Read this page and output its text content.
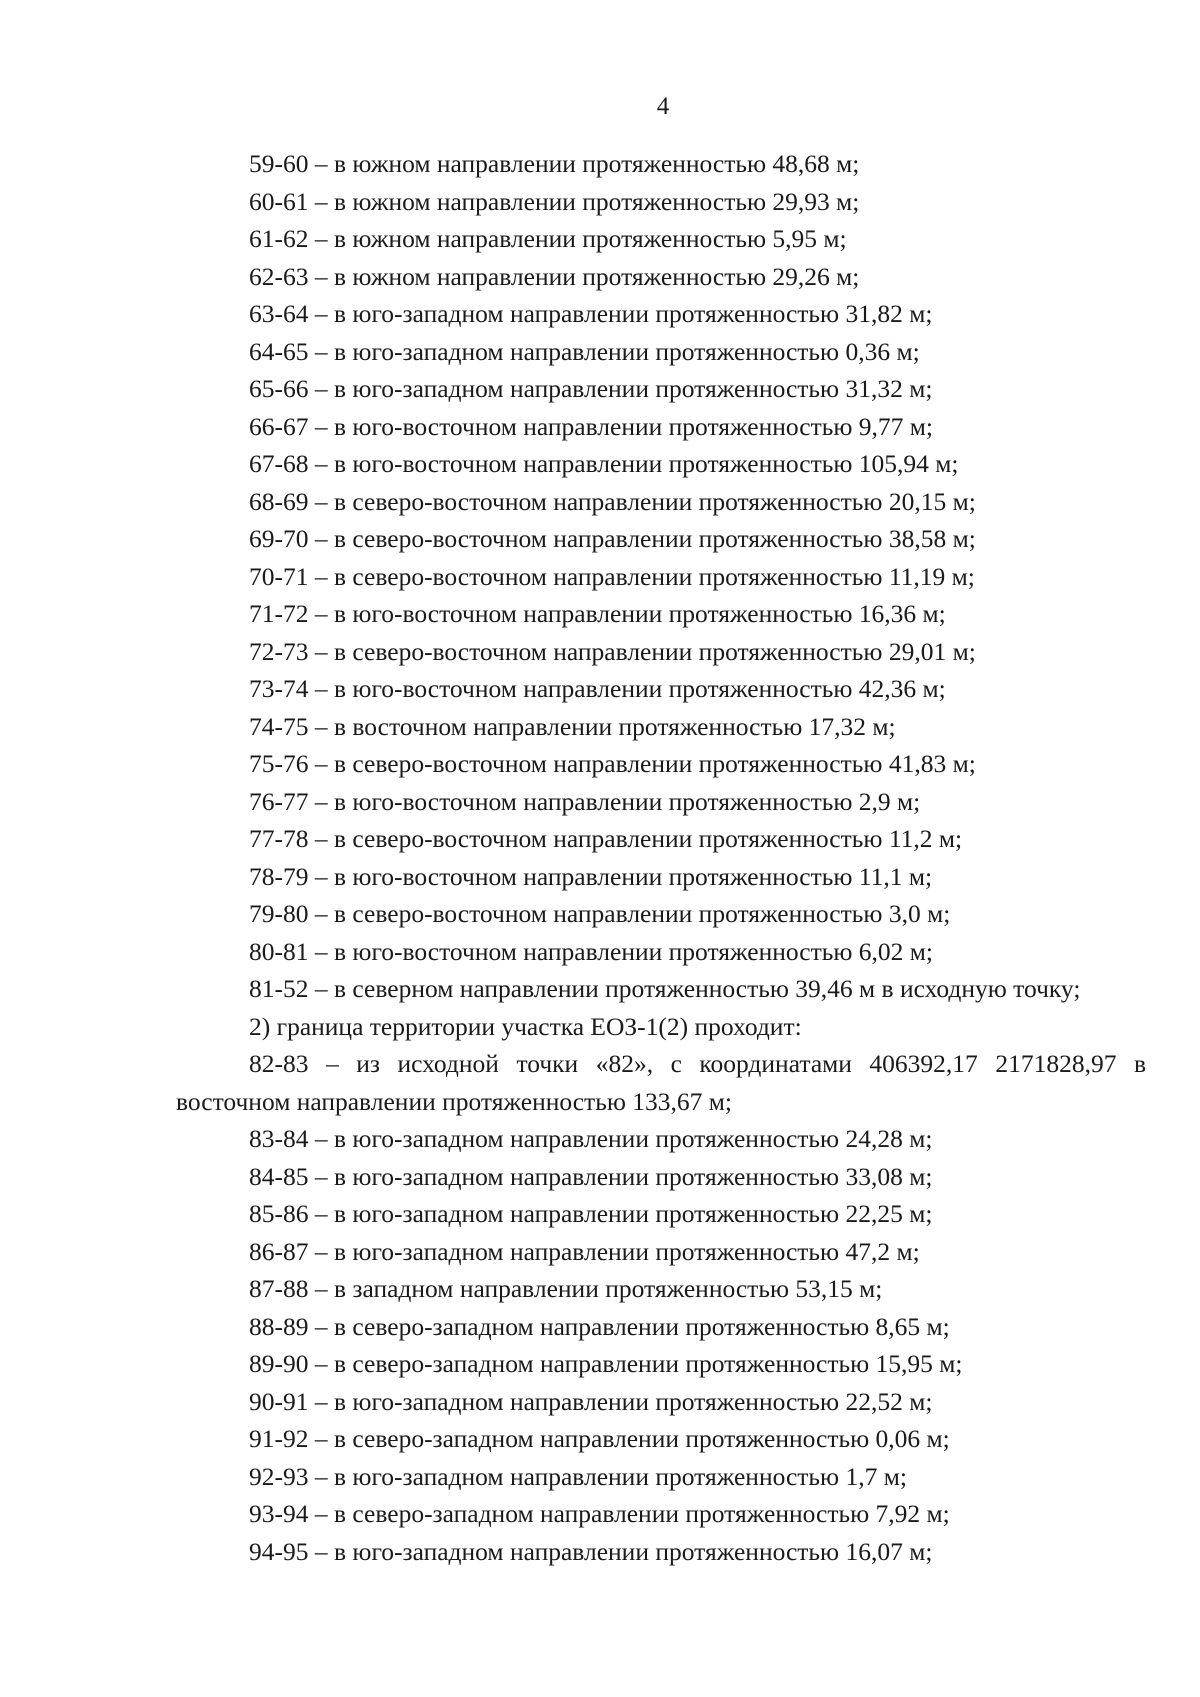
4
59-60 – в южном направлении протяженностью 48,68 м;
60-61 – в южном направлении протяженностью 29,93 м;
61-62 – в южном направлении протяженностью 5,95 м;
62-63 – в южном направлении протяженностью 29,26 м;
63-64 – в юго-западном направлении протяженностью 31,82 м;
64-65 – в юго-западном направлении протяженностью 0,36 м;
65-66 – в юго-западном направлении протяженностью 31,32 м;
66-67 – в юго-восточном направлении протяженностью 9,77 м;
67-68 – в юго-восточном направлении протяженностью 105,94 м;
68-69 – в северо-восточном направлении протяженностью 20,15 м;
69-70 – в северо-восточном направлении протяженностью 38,58 м;
70-71 – в северо-восточном направлении протяженностью 11,19 м;
71-72 – в юго-восточном направлении протяженностью 16,36 м;
72-73 – в северо-восточном направлении протяженностью 29,01 м;
73-74 – в юго-восточном направлении протяженностью 42,36 м;
74-75 – в восточном направлении протяженностью 17,32 м;
75-76 – в северо-восточном направлении протяженностью 41,83 м;
76-77 – в юго-восточном направлении протяженностью 2,9 м;
77-78 – в северо-восточном направлении протяженностью 11,2 м;
78-79 – в юго-восточном направлении протяженностью 11,1 м;
79-80 – в северо-восточном направлении протяженностью 3,0 м;
80-81 – в юго-восточном направлении протяженностью 6,02 м;
81-52 – в северном направлении протяженностью 39,46 м в исходную точку;
2) граница территории участка ЕОЗ-1(2) проходит:
82-83 – из исходной точки «82», с координатами 406392,17 2171828,97 в восточном направлении протяженностью 133,67 м;
83-84 – в юго-западном направлении протяженностью 24,28 м;
84-85 – в юго-западном направлении протяженностью 33,08 м;
85-86 – в юго-западном направлении протяженностью 22,25 м;
86-87 – в юго-западном направлении протяженностью 47,2 м;
87-88 – в западном направлении протяженностью 53,15 м;
88-89 – в северо-западном направлении протяженностью 8,65 м;
89-90 – в северо-западном направлении протяженностью 15,95 м;
90-91 – в юго-западном направлении протяженностью 22,52 м;
91-92 – в северо-западном направлении протяженностью 0,06 м;
92-93 – в юго-западном направлении протяженностью 1,7 м;
93-94 – в северо-западном направлении протяженностью 7,92 м;
94-95 – в юго-западном направлении протяженностью 16,07 м;
